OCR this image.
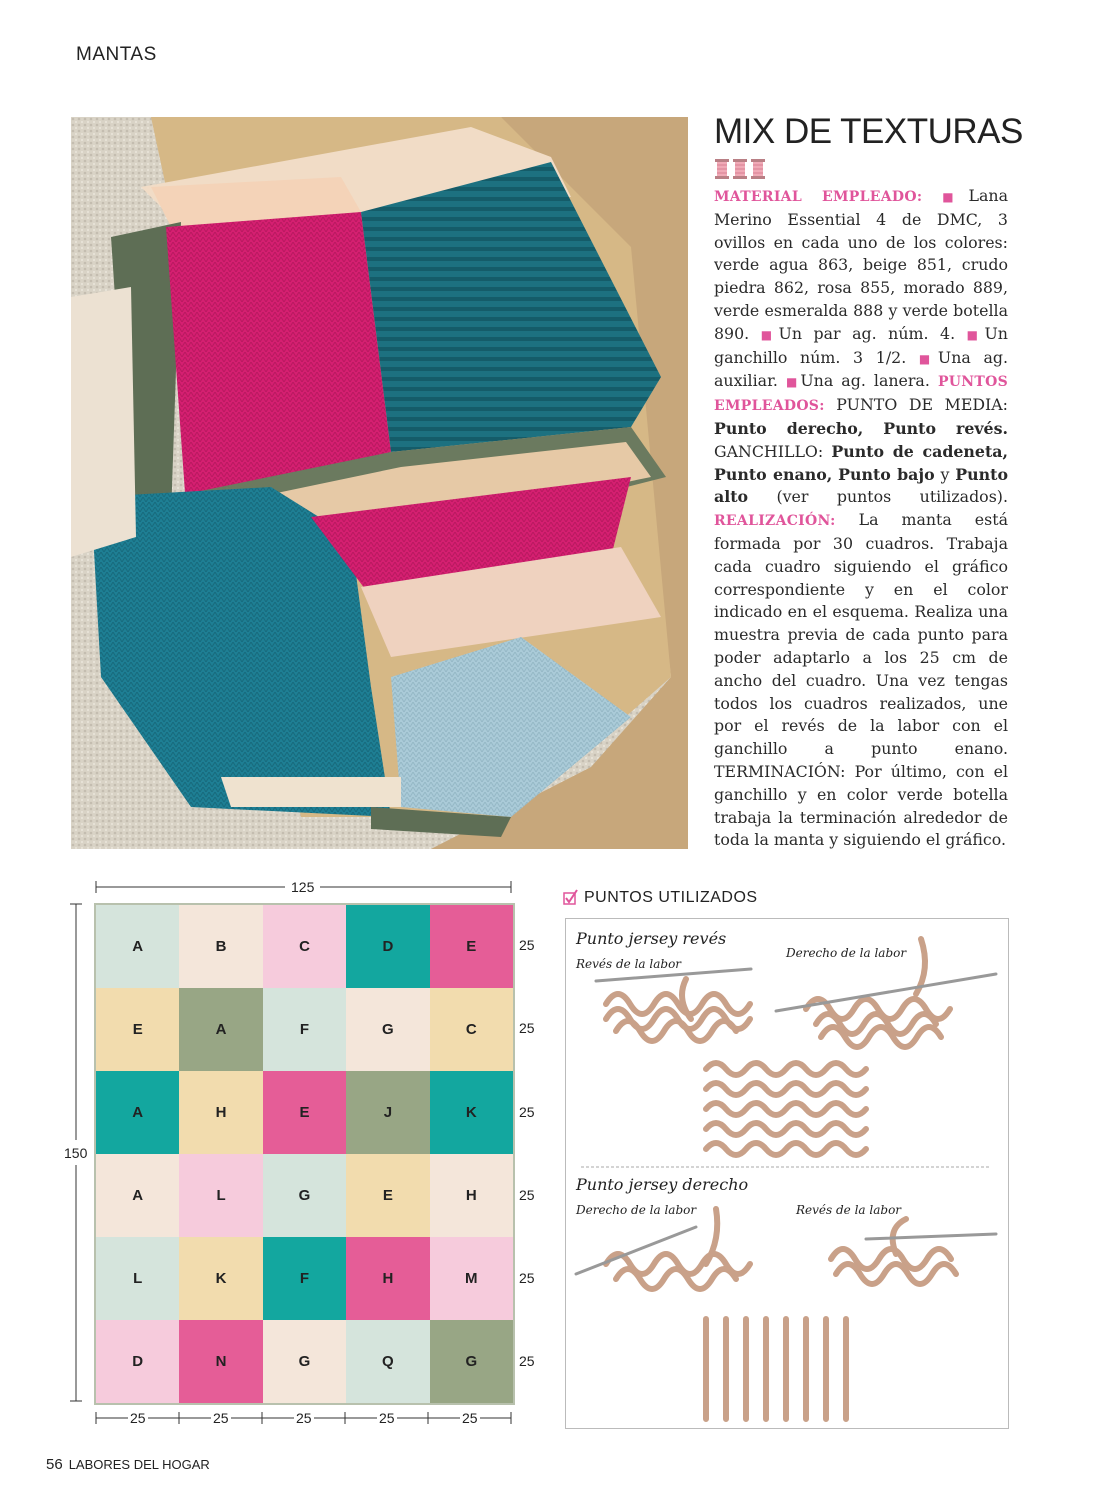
MANTAS
MIX DE TEXTURAS
MATERIAL EMPLEADO: ■Lana Merino Essential 4 de DMC, 3 ovillos en cada uno de los colores: verde agua 863, beige 851, crudo piedra 862, rosa 855, morado 889, verde esmeralda 888 y verde botella 890. ■Un par ag. núm. 4. ■Un ganchillo núm. 3 1/2. ■Una ag. auxiliar. ■Una ag. lanera. PUNTOS EMPLEADOS: PUNTO DE MEDIA: Punto derecho, Punto revés. GANCHILLO: Punto de cadeneta, Punto enano, Punto bajo y Punto alto (ver puntos utilizados). REALIZACIÓN: La manta está formada por 30 cuadros. Trabaja cada cuadro siguiendo el gráfico correspondiente y en el color indicado en el esquema. Realiza una muestra previa de cada punto para poder adaptarlo a los 25 cm de ancho del cuadro. Una vez tengas todos los cuadros realizados, une por el revés de la labor con el ganchillo a punto enano. TERMINACIÓN: Por último, con el ganchillo y en color verde botella trabaja la terminación alrededor de toda la manta y siguiendo el gráfico.
125
150
25
25
25
25
25
25
25	25	25	25	25
A	B	C	D	E
E	A	F	G	C
A	H	E	J	K
A	L	G	E	H
L	K	F	H	M
D	N	G	Q	G
PUNTOS UTILIZADOS
Punto jersey revés
Revés de la labor
Derecho de la labor
Punto jersey derecho
Derecho de la labor	Revés de la labor
56 LABORES DEL HOGAR
